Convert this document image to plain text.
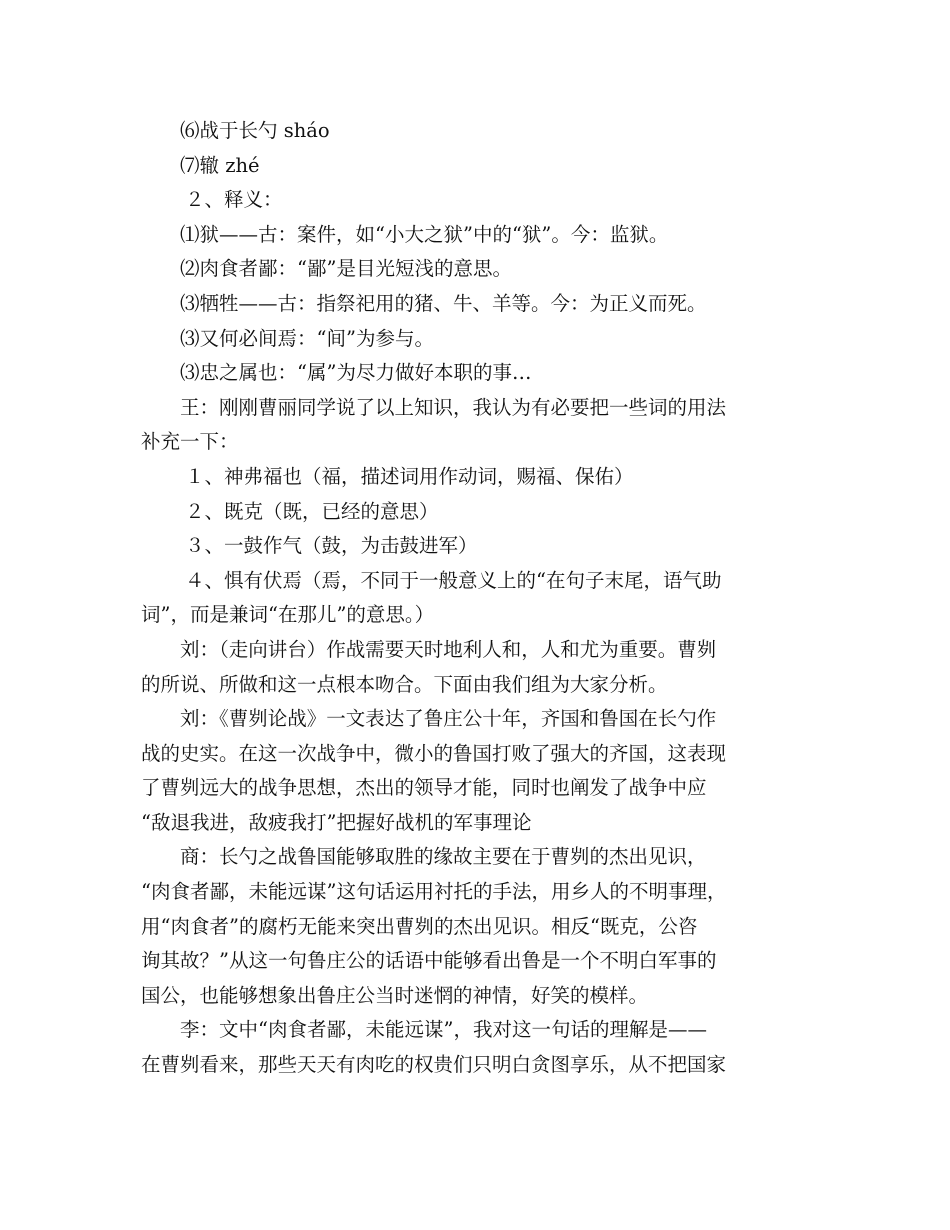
⑹战于长勺 sháo
⑺辙 zhé
２、释义：
⑴狱——古：案件，如“小大之狱”中的“狱”。今：监狱。
⑵肉食者鄙：“鄙”是目光短浅的意思。
⑶牺牲——古：指祭祀用的猪、牛、羊等。今：为正义而死。
⑶又何必间焉：“间”为参与。
⑶忠之属也：“属”为尽力做好本职的事…
王：刚刚曹丽同学说了以上知识，我认为有必要把一些词的用法
补充一下：
１、神弗福也（福，描述词用作动词，赐福、保佑）
２、既克（既，已经的意思）
３、一鼓作气（鼓，为击鼓进军）
４、惧有伏焉（焉，不同于一般意义上的“在句子末尾，语气助
词”，而是兼词“在那儿”的意思。）
刘：（走向讲台）作战需要天时地利人和，人和尤为重要。曹刿
的所说、所做和这一点根本吻合。下面由我们组为大家分析。
刘：《曹刿论战》一文表达了鲁庄公十年，齐国和鲁国在长勺作
战的史实。在这一次战争中，微小的鲁国打败了强大的齐国，这表现
了曹刿远大的战争思想，杰出的领导才能，同时也阐发了战争中应
“敌退我进，敌疲我打”把握好战机的军事理论
商：长勺之战鲁国能够取胜的缘故主要在于曹刿的杰出见识，
“肉食者鄙，未能远谋”这句话运用衬托的手法，用乡人的不明事理，
用“肉食者”的腐朽无能来突出曹刿的杰出见识。相反“既克，公咨
询其故？”从这一句鲁庄公的话语中能够看出鲁是一个不明白军事的
国公，也能够想象出鲁庄公当时迷惘的神情，好笑的模样。
李：文中“肉食者鄙，未能远谋”，我对这一句话的理解是——
在曹刿看来，那些天天有肉吃的权贵们只明白贪图享乐，从不把国家
